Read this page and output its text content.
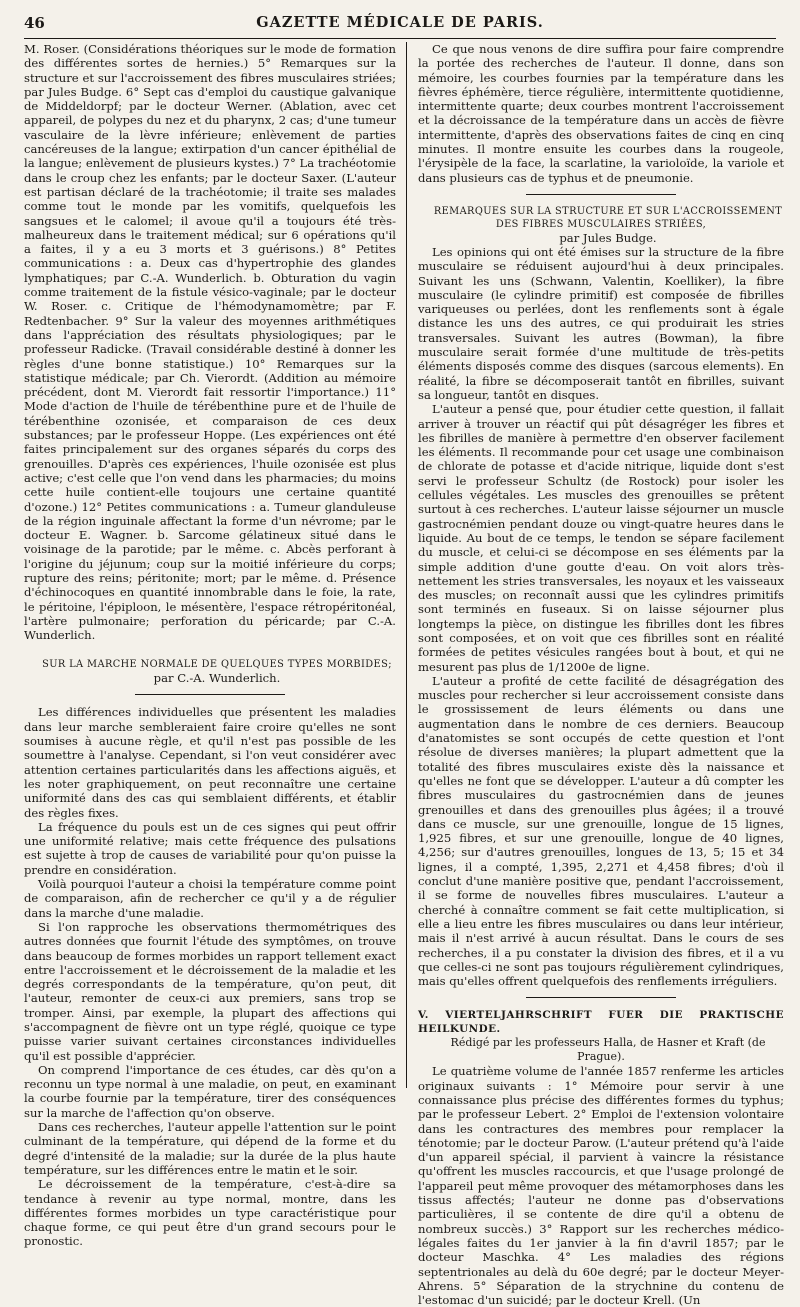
46	GAZETTE MÉDICALE DE PARIS.

M. Roser. (Considérations théoriques sur le mode de formation des différentes sortes de hernies.) 5° Remarques sur la structure et sur l'accroissement des fibres musculaires striées; par Jules Budge. 6° Sept cas d'emploi du caustique galvanique de Middeldorpf; par le docteur Werner. (Ablation, avec cet appareil, de polypes du nez et du pharynx, 2 cas; d'une tumeur vasculaire de la lèvre inférieure; enlèvement de parties cancéreuses de la langue; extirpation d'un cancer épithélial de la langue; enlèvement de plusieurs kystes.) 7° La trachéotomie dans le croup chez les enfants; par le docteur Saxer. (L'auteur est partisan déclaré de la trachéotomie; il traite ses malades comme tout le monde par les vomitifs, quelquefois les sangsues et le calomel; il avoue qu'il a toujours été très-malheureux dans le traitement médical; sur 6 opérations qu'il a faites, il y a eu 3 morts et 3 guérisons.) 8° Petites communications : a. Deux cas d'hypertrophie des glandes lymphatiques; par C.-A. Wunderlich. b. Obturation du vagin comme traitement de la fistule vésico-vaginale; par le docteur W. Roser. c. Critique de l'hémodynamomètre; par F. Redtenbacher. 9° Sur la valeur des moyennes arithmétiques dans l'appréciation des résultats physiologiques; par le professeur Radicke. (Travail considérable destiné à donner les règles d'une bonne statistique.) 10° Remarques sur la statistique médicale; par Ch. Vierordt. (Addition au mémoire précédent, dont M. Vierordt fait ressortir l'importance.) 11° Mode d'action de l'huile de térébenthine pure et de l'huile de térébenthine ozonisée, et comparaison de ces deux substances; par le professeur Hoppe. (Les expériences ont été faites principalement sur des organes séparés du corps des grenouilles. D'après ces expériences, l'huile ozonisée est plus active; c'est celle que l'on vend dans les pharmacies; du moins cette huile contient-elle toujours une certaine quantité d'ozone.) 12° Petites communications : a. Tumeur glanduleuse de la région inguinale affectant la forme d'un névrome; par le docteur E. Wagner. b. Sarcome gélatineux situé dans le voisinage de la parotide; par le même. c. Abcès perforant à l'origine du jéjunum; coup sur la moitié inférieure du corps; rupture des reins; péritonite; mort; par le même. d. Présence d'échinocoques en quantité innombrable dans le foie, la rate, le péritoine, l'épiploon, le mésentère, l'espace rétropéritonéal, l'artère pulmonaire; perforation du péricarde; par C.-A. Wunderlich.

SUR LA MARCHE NORMALE DE QUELQUES TYPES MORBIDES;

par C.-A. Wunderlich.

Les différences individuelles que présentent les maladies dans leur marche sembleraient faire croire qu'elles ne sont soumises à aucune règle, et qu'il n'est pas possible de les soumettre à l'analyse. Cependant, si l'on veut considérer avec attention certaines particularités dans les affections aiguës, et les noter graphiquement, on peut reconnaître une certaine uniformité dans des cas qui semblaient différents, et établir des règles fixes.

La fréquence du pouls est un de ces signes qui peut offrir une uniformité relative; mais cette fréquence des pulsations est sujette à trop de causes de variabilité pour qu'on puisse la prendre en considération.

Voilà pourquoi l'auteur a choisi la température comme point de comparaison, afin de rechercher ce qu'il y a de régulier dans la marche d'une maladie.

Si l'on rapproche les observations thermométriques des autres données que fournit l'étude des symptômes, on trouve dans beaucoup de formes morbides un rapport tellement exact entre l'accroissement et le décroissement de la maladie et les degrés correspondants de la température, qu'on peut, dit l'auteur, remonter de ceux-ci aux premiers, sans trop se tromper. Ainsi, par exemple, la plupart des affections qui s'accompagnent de fièvre ont un type réglé, quoique ce type puisse varier suivant certaines circonstances individuelles qu'il est possible d'apprécier.

On comprend l'importance de ces études, car dès qu'on a reconnu un type normal à une maladie, on peut, en examinant la courbe fournie par la température, tirer des conséquences sur la marche de l'affection qu'on observe.

Dans ces recherches, l'auteur appelle l'attention sur le point culminant de la température, qui dépend de la forme et du degré d'intensité de la maladie; sur la durée de la plus haute température, sur les différences entre le matin et le soir.

Le décroissement de la température, c'est-à-dire sa tendance à revenir au type normal, montre, dans les différentes formes morbides un type caractéristique pour chaque forme, ce qui peut être d'un grand secours pour le pronostic.

Ce que nous venons de dire suffira pour faire comprendre la portée des recherches de l'auteur. Il donne, dans son mémoire, les courbes fournies par la température dans les fièvres éphémère, tierce régulière, intermittente quotidienne, intermittente quarte; deux courbes montrent l'accroissement et la décroissance de la température dans un accès de fièvre intermittente, d'après des observations faites de cinq en cinq minutes. Il montre ensuite les courbes dans la rougeole, l'érysipèle de la face, la scarlatine, la varioloïde, la variole et dans plusieurs cas de typhus et de pneumonie.

REMARQUES SUR LA STRUCTURE ET SUR L'ACCROISSEMENT DES FIBRES MUSCULAIRES STRIÉES,

par Jules Budge.

Les opinions qui ont été émises sur la structure de la fibre musculaire se réduisent aujourd'hui à deux principales. Suivant les uns (Schwann, Valentin, Koelliker), la fibre musculaire (le cylindre primitif) est composée de fibrilles variqueuses ou perlées, dont les renflements sont à égale distance les uns des autres, ce qui produirait les stries transversales. Suivant les autres (Bowman), la fibre musculaire serait formée d'une multitude de très-petits éléments disposés comme des disques (sarcous elements). En réalité, la fibre se décomposerait tantôt en fibrilles, suivant sa longueur, tantôt en disques.

L'auteur a pensé que, pour étudier cette question, il fallait arriver à trouver un réactif qui pût désagréger les fibres et les fibrilles de manière à permettre d'en observer facilement les éléments. Il recommande pour cet usage une combinaison de chlorate de potasse et d'acide nitrique, liquide dont s'est servi le professeur Schultz (de Rostock) pour isoler les cellules végétales. Les muscles des grenouilles se prêtent surtout à ces recherches. L'auteur laisse séjourner un muscle gastrocnémien pendant douze ou vingt-quatre heures dans le liquide. Au bout de ce temps, le tendon se sépare facilement du muscle, et celui-ci se décompose en ses éléments par la simple addition d'une goutte d'eau. On voit alors très-nettement les stries transversales, les noyaux et les vaisseaux des muscles; on reconnaît aussi que les cylindres primitifs sont terminés en fuseaux. Si on laisse séjourner plus longtemps la pièce, on distingue les fibrilles dont les fibres sont composées, et on voit que ces fibrilles sont en réalité formées de petites vésicules rangées bout à bout, et qui ne mesurent pas plus de 1/1200e de ligne.

L'auteur a profité de cette facilité de désagrégation des muscles pour rechercher si leur accroissement consiste dans le grossissement de leurs éléments ou dans une augmentation dans le nombre de ces derniers. Beaucoup d'anatomistes se sont occupés de cette question et l'ont résolue de diverses manières; la plupart admettent que la totalité des fibres musculaires existe dès la naissance et qu'elles ne font que se développer. L'auteur a dû compter les fibres musculaires du gastrocnémien dans de jeunes grenouilles et dans des grenouilles plus âgées; il a trouvé dans ce muscle, sur une grenouille, longue de 15 lignes, 1,925 fibres, et sur une grenouille, longue de 40 lignes, 4,256; sur d'autres grenouilles, longues de 13, 5; 15 et 34 lignes, il a compté, 1,395, 2,271 et 4,458 fibres; d'où il conclut d'une manière positive que, pendant l'accroissement, il se forme de nouvelles fibres musculaires. L'auteur a cherché à connaître comment se fait cette multiplication, si elle a lieu entre les fibres musculaires ou dans leur intérieur, mais il n'est arrivé à aucun résultat. Dans le cours de ses recherches, il a pu constater la division des fibres, et il a vu que celles-ci ne sont pas toujours régulièrement cylindriques, mais qu'elles offrent quelquefois des renflements irréguliers.

V. VIERTELJAHRSCHRIFT FUER DIE PRAKTISCHE HEILKUNDE.

Rédigé par les professeurs Halla, de Hasner et Kraft (de Prague).

Le quatrième volume de l'année 1857 renferme les articles originaux suivants : 1° Mémoire pour servir à une connaissance plus précise des différentes formes du typhus; par le professeur Lebert. 2° Emploi de l'extension volontaire dans les contractures des membres pour remplacer la ténotomie; par le docteur Parow. (L'auteur prétend qu'à l'aide d'un appareil spécial, il parvient à vaincre la résistance qu'offrent les muscles raccourcis, et que l'usage prolongé de l'appareil peut même provoquer des métamorphoses dans les tissus affectés; l'auteur ne donne pas d'observations particulières, il se contente de dire qu'il a obtenu de nombreux succès.) 3° Rapport sur les recherches médico-légales faites du 1er janvier à la fin d'avril 1857; par le docteur Maschka. 4° Les maladies des régions septentrionales au delà du 60e degré; par le docteur Meyer-Ahrens. 5° Séparation de la strychnine du contenu de l'estomac d'un suicidé; par le docteur Krell. (Un
